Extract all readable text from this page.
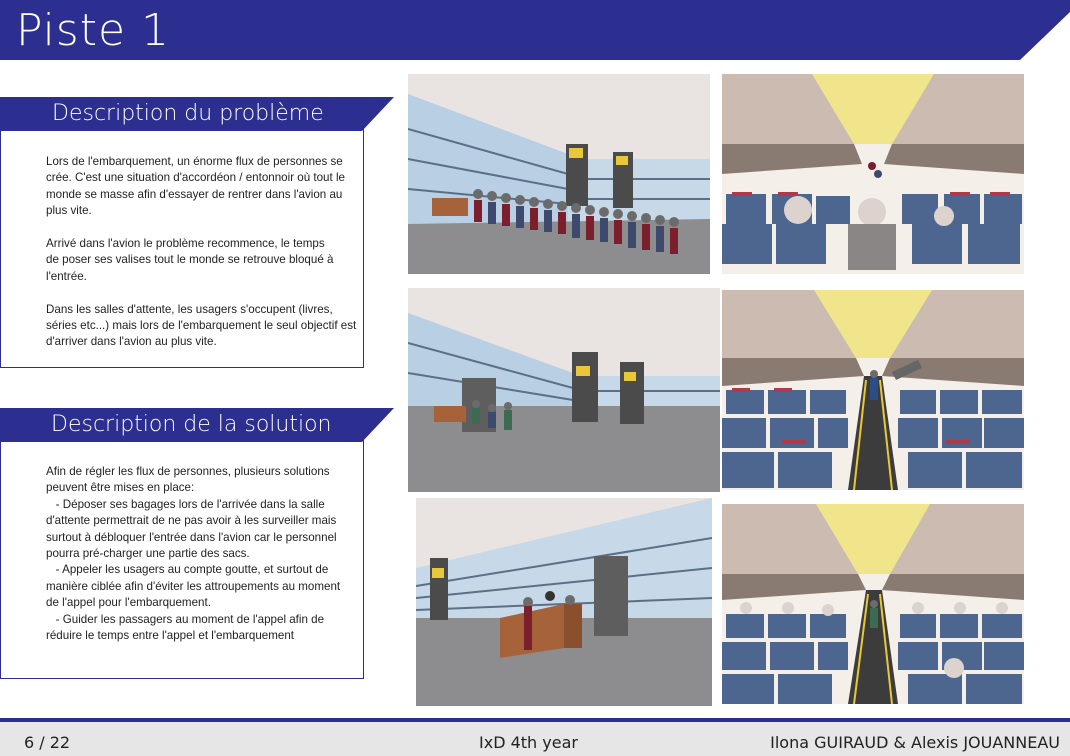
Piste 1
Description du problème
Lors de l'embarquement, un énorme flux de personnes se
crée. C'est une situation d'accordéon / entonnoir où tout le
monde se masse afin d'essayer de rentrer dans l'avion au
plus vite.

Arrivé dans l'avion le problème recommence, le temps
de poser ses valises tout le monde se retrouve bloqué à
l'entrée.

Dans les salles d'attente, les usagers s'occupent (livres,
séries etc...) mais lors de l'embarquement le seul objectif est
d'arriver dans l'avion au plus vite.
Description de la solution
Afin de régler les flux de personnes, plusieurs solutions
peuvent être mises en place:
- Déposer ses bagages lors de l'arrivée dans la salle
d'attente permettrait de ne pas avoir à les surveiller mais
surtout à débloquer l'entrée dans l'avion car le personnel
pourra pré-charger une partie des sacs.
- Appeler les usagers au compte goutte, et surtout de
manière ciblée afin d'éviter les attroupements au moment
de l'appel pour l'embarquement.
- Guider les passagers au moment de l'appel afin de
réduire le temps entre l'appel et l'embarquement
6 / 22	IxD 4th year	Ilona GUIRAUD & Alexis JOUANNEAU
